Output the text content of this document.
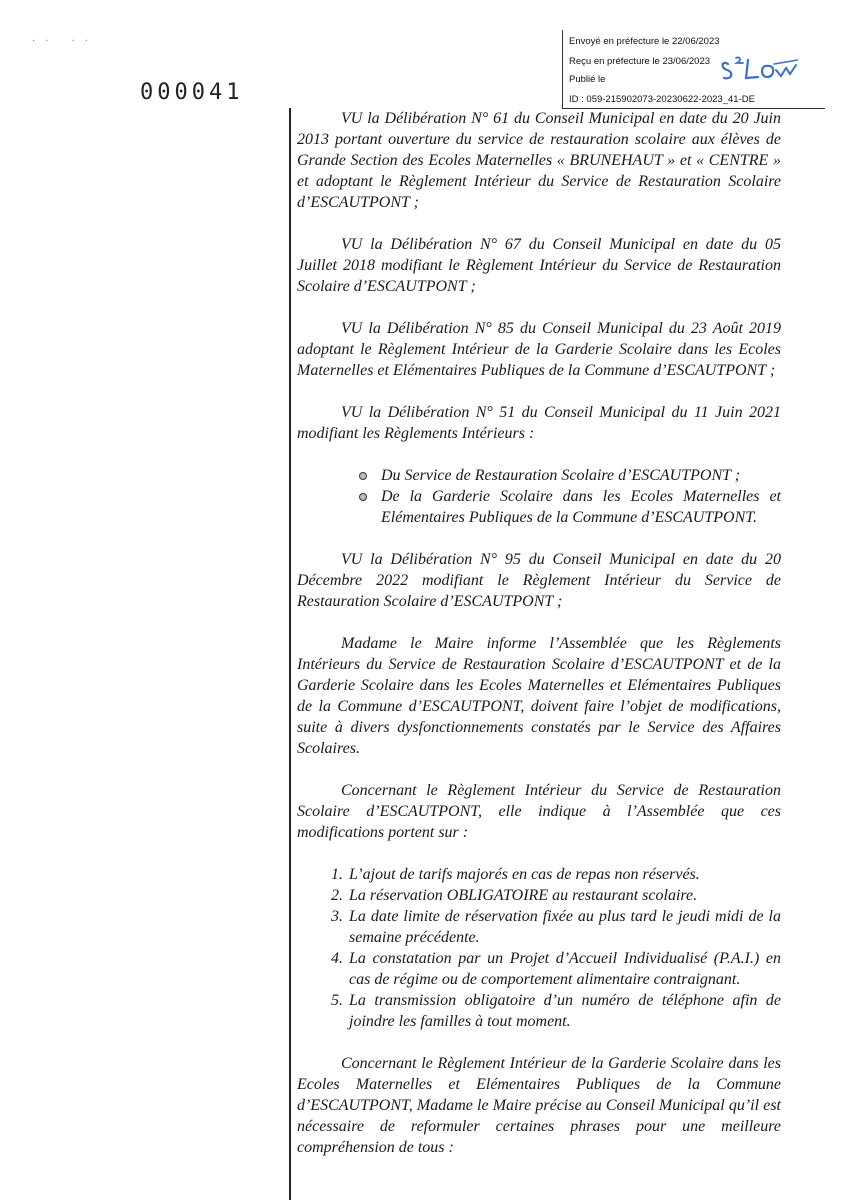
·· ··
000041
Envoyé en préfecture le 22/06/2023
Reçu en préfecture le 23/06/2023
Publié le
ID : 059-215902073-20230622-2023_41-DE

VU la Délibération N° 61 du Conseil Municipal en date du 20 Juin 2013 portant ouverture du service de restauration scolaire aux élèves de Grande Section des Ecoles Maternelles « BRUNEHAUT » et « CENTRE » et adoptant le Règlement Intérieur du Service de Restauration Scolaire d’ESCAUTPONT ;

VU la Délibération N° 67 du Conseil Municipal en date du 05 Juillet 2018 modifiant le Règlement Intérieur du Service de Restauration Scolaire d’ESCAUTPONT ;

VU la Délibération N° 85 du Conseil Municipal du 23 Août 2019 adoptant le Règlement Intérieur de la Garderie Scolaire dans les Ecoles Maternelles et Elémentaires Publiques de la Commune d’ESCAUTPONT ;

VU la Délibération N° 51 du Conseil Municipal du 11 Juin 2021 modifiant les Règlements Intérieurs :

Du Service de Restauration Scolaire d’ESCAUTPONT ;
De la Garderie Scolaire dans les Ecoles Maternelles et Elémentaires Publiques de la Commune d’ESCAUTPONT.

VU la Délibération N° 95 du Conseil Municipal en date du 20 Décembre 2022 modifiant le Règlement Intérieur du Service de Restauration Scolaire d’ESCAUTPONT ;

Madame le Maire informe l’Assemblée que les Règlements Intérieurs du Service de Restauration Scolaire d’ESCAUTPONT et de la Garderie Scolaire dans les Ecoles Maternelles et Elémentaires Publiques de la Commune d’ESCAUTPONT, doivent faire l’objet de modifications, suite à divers dysfonctionnements constatés par le Service des Affaires Scolaires.

Concernant le Règlement Intérieur du Service de Restauration Scolaire d’ESCAUTPONT, elle indique à l’Assemblée que ces modifications portent sur :

1. L’ajout de tarifs majorés en cas de repas non réservés.
2. La réservation OBLIGATOIRE au restaurant scolaire.
3. La date limite de réservation fixée au plus tard le jeudi midi de la semaine précédente.
4. La constatation par un Projet d’Accueil Individualisé (P.A.I.) en cas de régime ou de comportement alimentaire contraignant.
5. La transmission obligatoire d’un numéro de téléphone afin de joindre les familles à tout moment.

Concernant le Règlement Intérieur de la Garderie Scolaire dans les Ecoles Maternelles et Elémentaires Publiques de la Commune d’ESCAUTPONT, Madame le Maire précise au Conseil Municipal qu’il est nécessaire de reformuler certaines phrases pour une meilleure compréhension de tous :
